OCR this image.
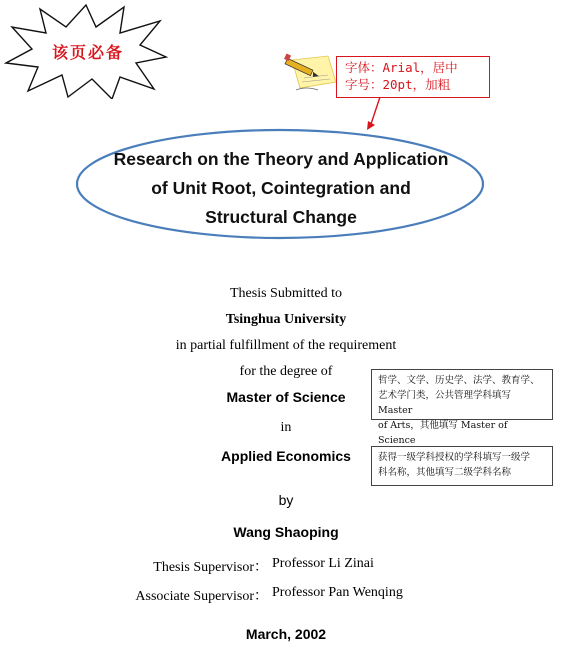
该页必备
字体：Arial，居中
字号：20pt，加粗
Research on the Theory and Application
of Unit Root, Cointegration and
Structural Change
Thesis Submitted to
Tsinghua University
in partial fulfillment of the requirement
for the degree of
Master of Science
in
Applied Economics
by
Wang Shaoping
Thesis Supervisor： Professor Li Zinai
Associate Supervisor： Professor Pan Wenqing
March, 2002
哲学、文学、历史学、法学、教育学、
艺术学门类，公共管理学科填写 Master
of Arts，其他填写 Master of Science
获得一级学科授权的学科填写一级学
科名称，其他填写二级学科名称
